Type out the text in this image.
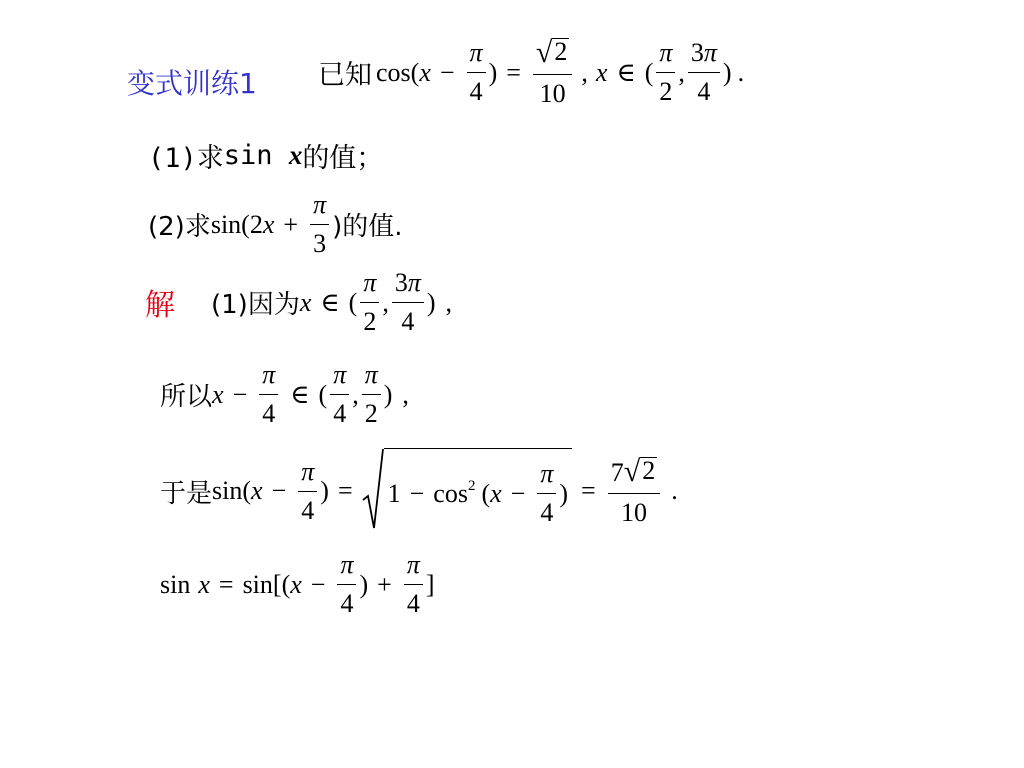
变式训练1 已知 cos( $x - \frac{\pi}{4}$ ) = $\frac{√ 2}{10}$ , x ∈ ( $\frac{\pi}{2}$ , $\frac{3\pi}{4}$ ) .
(1)求 sin x 的值；
(2)求 sin(2 $x + \frac{\pi}{3}$ )的值.
解 (1)因为 x ∈ ( $\frac{\pi}{2}$ , $\frac{3\pi}{4}$ ) ,
所以 $x - \frac{\pi}{4}$ ∈ ( $\frac{\pi}{4}$ , $\frac{\pi}{2}$ ) ,
于是 sin( $x - \frac{\pi}{4}$ ) = $1 - \cos^2$ ( $x - \frac{\pi}{4}$ ) = $\frac{7 √ 2}{10}$ .
sin x = sin[( $x - \frac{\pi}{4}$ ) + $\frac{\pi}{4}$ ]
